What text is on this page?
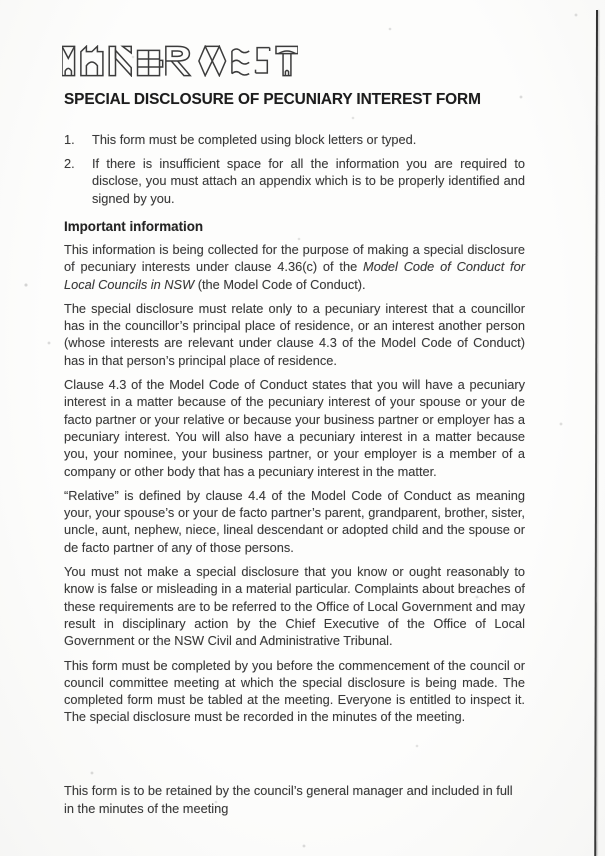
SPECIAL DISCLOSURE OF PECUNIARY INTEREST FORM
1.	This form must be completed using block letters or typed.
2.	If there is insufficient space for all the information you are required to disclose, you must attach an appendix which is to be properly identified and signed by you.
Important information

This information is being collected for the purpose of making a special disclosure of pecuniary interests under clause 4.36(c) of the Model Code of Conduct for Local Councils in NSW (the Model Code of Conduct).

The special disclosure must relate only to a pecuniary interest that a councillor has in the councillor’s principal place of residence, or an interest another person (whose interests are relevant under clause 4.3 of the Model Code of Conduct) has in that person’s principal place of residence.

Clause 4.3 of the Model Code of Conduct states that you will have a pecuniary interest in a matter because of the pecuniary interest of your spouse or your de facto partner or your relative or because your business partner or employer has a pecuniary interest. You will also have a pecuniary interest in a matter because you, your nominee, your business partner, or your employer is a member of a company or other body that has a pecuniary interest in the matter.

“Relative” is defined by clause 4.4 of the Model Code of Conduct as meaning your, your spouse’s or your de facto partner’s parent, grandparent, brother, sister, uncle, aunt, nephew, niece, lineal descendant or adopted child and the spouse or de facto partner of any of those persons.

You must not make a special disclosure that you know or ought reasonably to know is false or misleading in a material particular. Complaints about breaches of these requirements are to be referred to the Office of Local Government and may result in disciplinary action by the Chief Executive of the Office of Local Government or the NSW Civil and Administrative Tribunal.

This form must be completed by you before the commencement of the council or council committee meeting at which the special disclosure is being made. The completed form must be tabled at the meeting. Everyone is entitled to inspect it. The special disclosure must be recorded in the minutes of the meeting.

This form is to be retained by the council’s general manager and included in full in the minutes of the meeting
